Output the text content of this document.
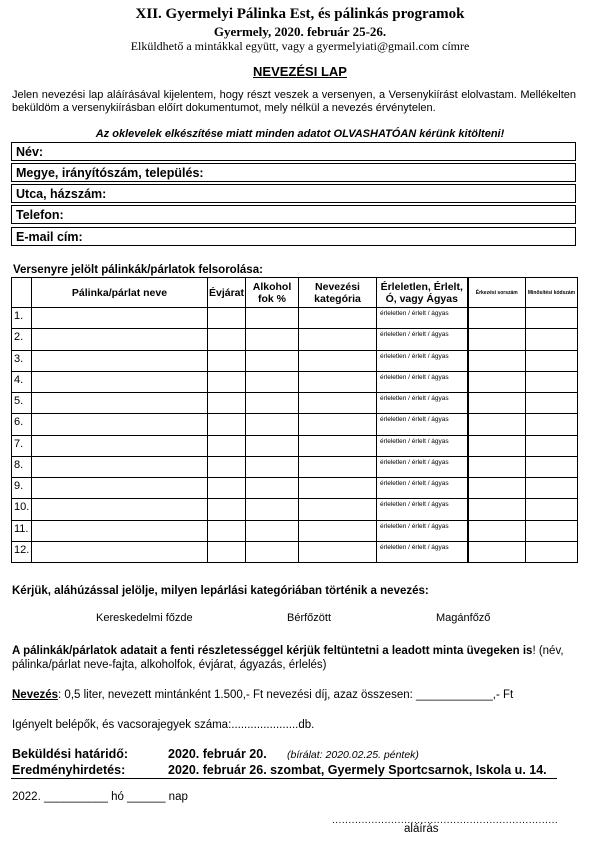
XII. Gyermelyi Pálinka Est, és pálinkás programok
Gyermely, 2020. február 25-26.
Elküldhető a mintákkal együtt, vagy a gyermelyiati@gmail.com címre
NEVEZÉSI LAP
Jelen nevezési lap aláírásával kijelentem, hogy részt veszek a versenyen, a Versenykiírást elolvastam. Mellékelten beküldöm a versenykiírásban előírt dokumentumot, mely nélkül a nevezés érvénytelen.
Az oklevelek elkészítése miatt minden adatot OLVASHATÓAN kérünk kitölteni!
Név:
Megye, irányítószám, település:
Utca, házszám:
Telefon:
E-mail cím:
Versenyre jelölt pálinkák/párlatok felsorolása:
	Pálinka/párlat neve	Évjárat	Alkohol fok %	Nevezési kategória	Érleletlen, Érlelt, Ó, vagy Ágyas	Érkezési sorszám	Minősítési kódszám
1.					érleletlen / érlelt / ágyas		
2.					érleletlen / érlelt / ágyas		
3.					érleletlen / érlelt / ágyas		
4.					érleletlen / érlelt / ágyas		
5.					érleletlen / érlelt / ágyas		
6.					érleletlen / érlelt / ágyas		
7.					érleletlen / érlelt / ágyas		
8.					érleletlen / érlelt / ágyas		
9.					érleletlen / érlelt / ágyas		
10.					érleletlen / érlelt / ágyas		
11.					érleletlen / érlelt / ágyas		
12.					érleletlen / érlelt / ágyas		
Kérjük, aláhúzással jelölje, milyen lepárlási kategóriában történik a nevezés:
Kereskedelmi főzde	Bérfőzött	Magánfőző
A pálinkák/párlatok adatait a fenti részletességgel kérjük feltüntetni a leadott minta üvegeken is! (név, pálinka/párlat neve-fajta, alkoholfok, évjárat, ágyazás, érlelés)
Nevezés: 0,5 liter, nevezett mintánként 1.500,- Ft nevezési díj, azaz összesen: ____________,- Ft
Igényelt belépők, és vacsorajegyek száma:.....................db.
Beküldési határidő:	2020. február 20. (bírálat: 2020.02.25. péntek)
Eredményhirdetés:	2020. február 26. szombat, Gyermely Sportcsarnok, Iskola u. 14.
2022. __________ hó ______ nap
.....................................................................
aláírás
